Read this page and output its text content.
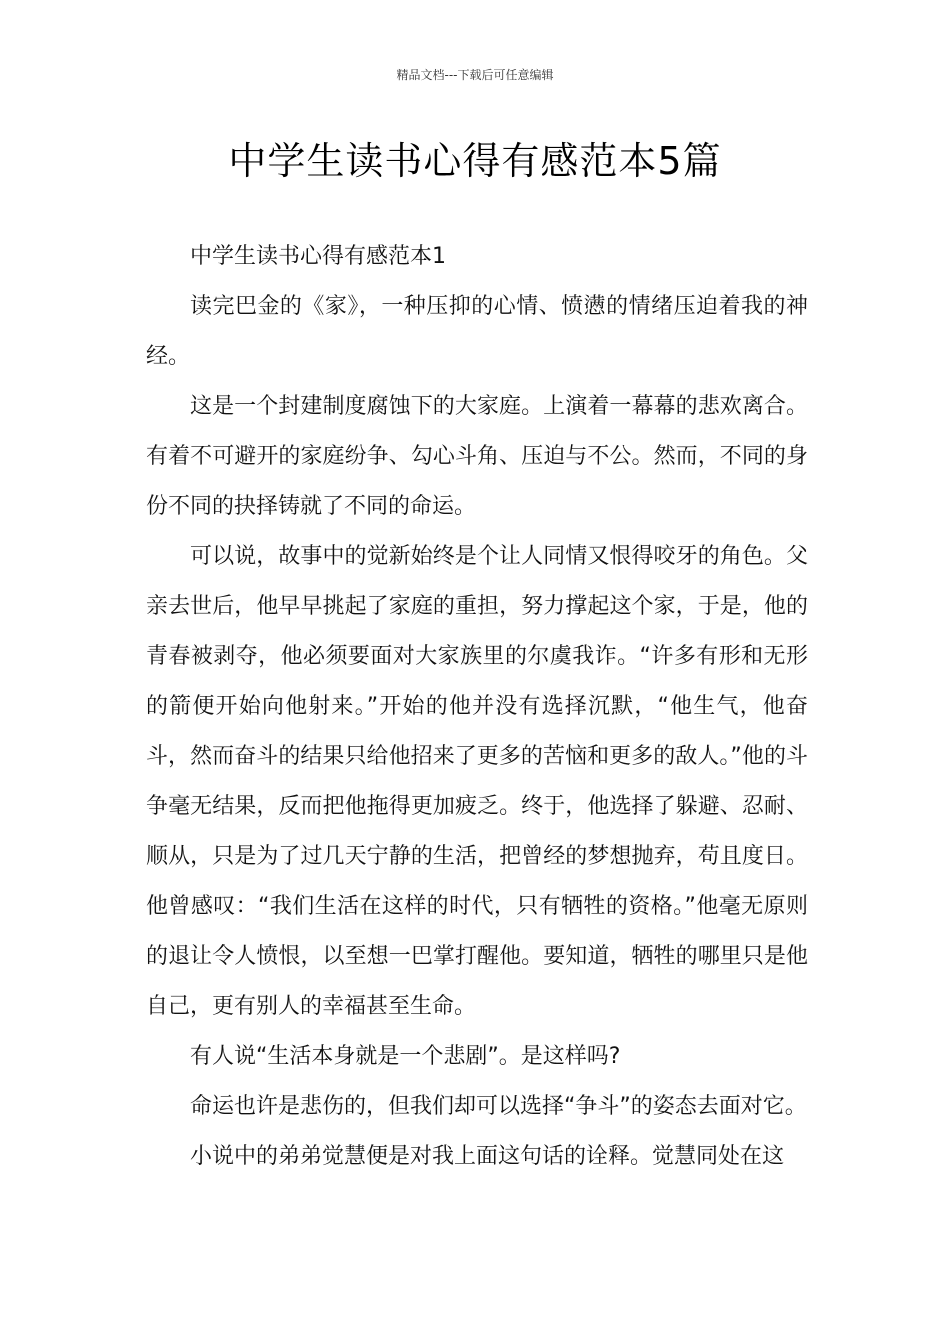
精品文档---下载后可任意编辑
中学生读书心得有感范本5篇

中学生读书心得有感范本1

读完巴金的《家》，一种压抑的心情、愤懑的情绪压迫着我的神经。

这是一个封建制度腐蚀下的大家庭。上演着一幕幕的悲欢离合。有着不可避开的家庭纷争、勾心斗角、压迫与不公。然而，不同的身份不同的抉择铸就了不同的命运。

可以说，故事中的觉新始终是个让人同情又恨得咬牙的角色。父亲去世后，他早早挑起了家庭的重担，努力撑起这个家，于是，他的青春被剥夺，他必须要面对大家族里的尔虞我诈。“许多有形和无形的箭便开始向他射来。”开始的他并没有选择沉默，“他生气，他奋斗，然而奋斗的结果只给他招来了更多的苦恼和更多的敌人。”他的斗争毫无结果，反而把他拖得更加疲乏。终于，他选择了躲避、忍耐、顺从，只是为了过几天宁静的生活，把曾经的梦想抛弃，苟且度日。他曾感叹：“我们生活在这样的时代，只有牺牲的资格。”他毫无原则的退让令人愤恨，以至想一巴掌打醒他。要知道，牺牲的哪里只是他自己，更有别人的幸福甚至生命。

有人说“生活本身就是一个悲剧”。是这样吗?

命运也许是悲伤的，但我们却可以选择“争斗”的姿态去面对它。

小说中的弟弟觉慧便是对我上面这句话的诠释。觉慧同处在这
